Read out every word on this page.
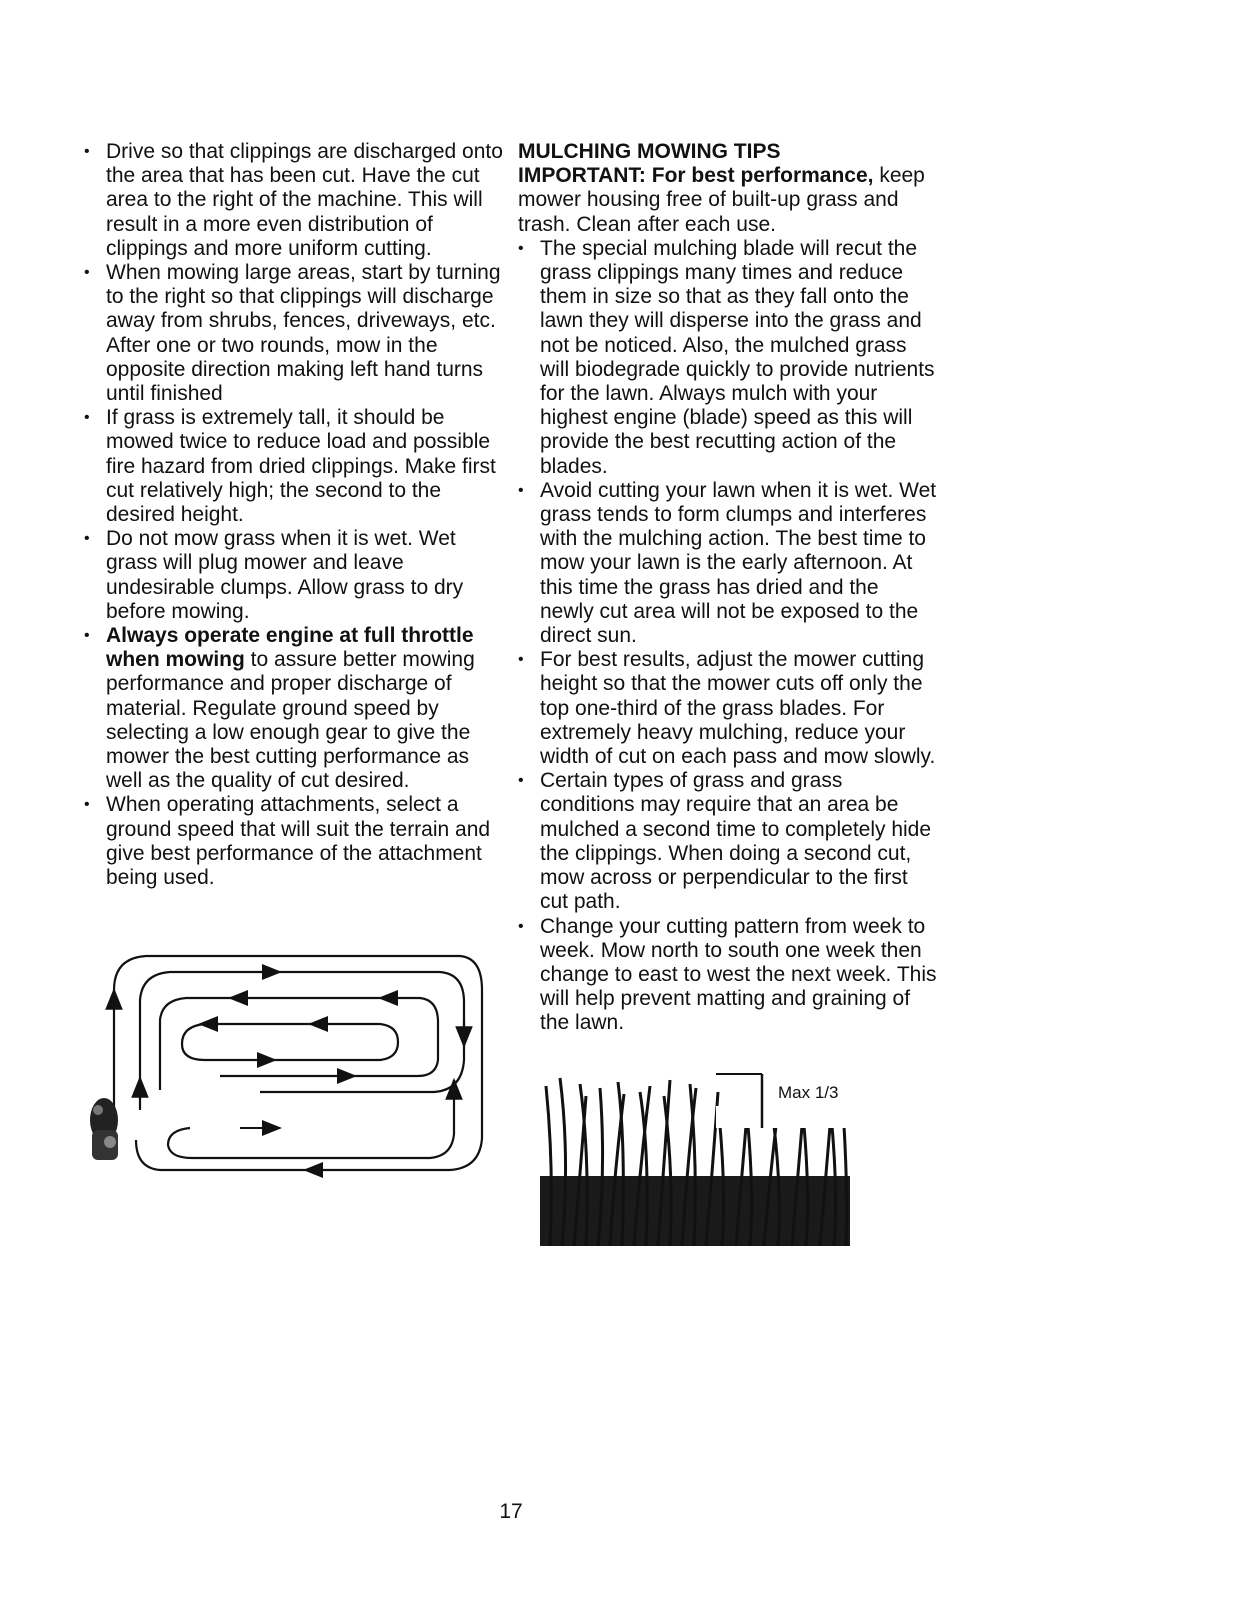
• Drive so that clippings are discharged onto the area that has been cut. Have the cut area to the right of the machine. This will result in a more even distribution of clippings and more uniform cutting.
• When mowing large areas, start by turning to the right so that clippings will discharge away from shrubs, fences, driveways, etc. After one or two rounds, mow in the opposite direction making left hand turns until finished
• If grass is extremely tall, it should be mowed twice to reduce load and possible fire hazard from dried clippings. Make first cut relatively high; the second to the desired height.
• Do not mow grass when it is wet. Wet grass will plug mower and leave undesirable clumps. Allow grass to dry before mowing.
• Always operate engine at full throttle when mowing to assure better mowing performance and proper discharge of material. Regulate ground speed by selecting a low enough gear to give the mower the best cutting performance as well as the quality of cut desired.
• When operating attachments, select a ground speed that will suit the terrain and give best performance of the attachment being used.

MULCHING MOWING TIPS

IMPORTANT: For best performance, keep mower housing free of built-up grass and trash. Clean after each use.

• The special mulching blade will recut the grass clippings many times and reduce them in size so that as they fall onto the lawn they will disperse into the grass and not be noticed. Also, the mulched grass will biodegrade quickly to provide nutrients for the lawn. Always mulch with your highest engine (blade) speed as this will provide the best recutting action of the blades.
• Avoid cutting your lawn when it is wet. Wet grass tends to form clumps and interferes with the mulching action. The best time to mow your lawn is the early afternoon. At this time the grass has dried and the newly cut area will not be exposed to the direct sun.
• For best results, adjust the mower cutting height so that the mower cuts off only the top one-third of the grass blades. For extremely heavy mulching, reduce your width of cut on each pass and mow slowly.
• Certain types of grass and grass conditions may require that an area be mulched a second time to completely hide the clippings. When doing a second cut, mow across or perpendicular to the first cut path.
• Change your cutting pattern from week to week. Mow north to south one week then change to east to west the next week. This will help prevent matting and graining of the lawn.
Max 1/3
17
